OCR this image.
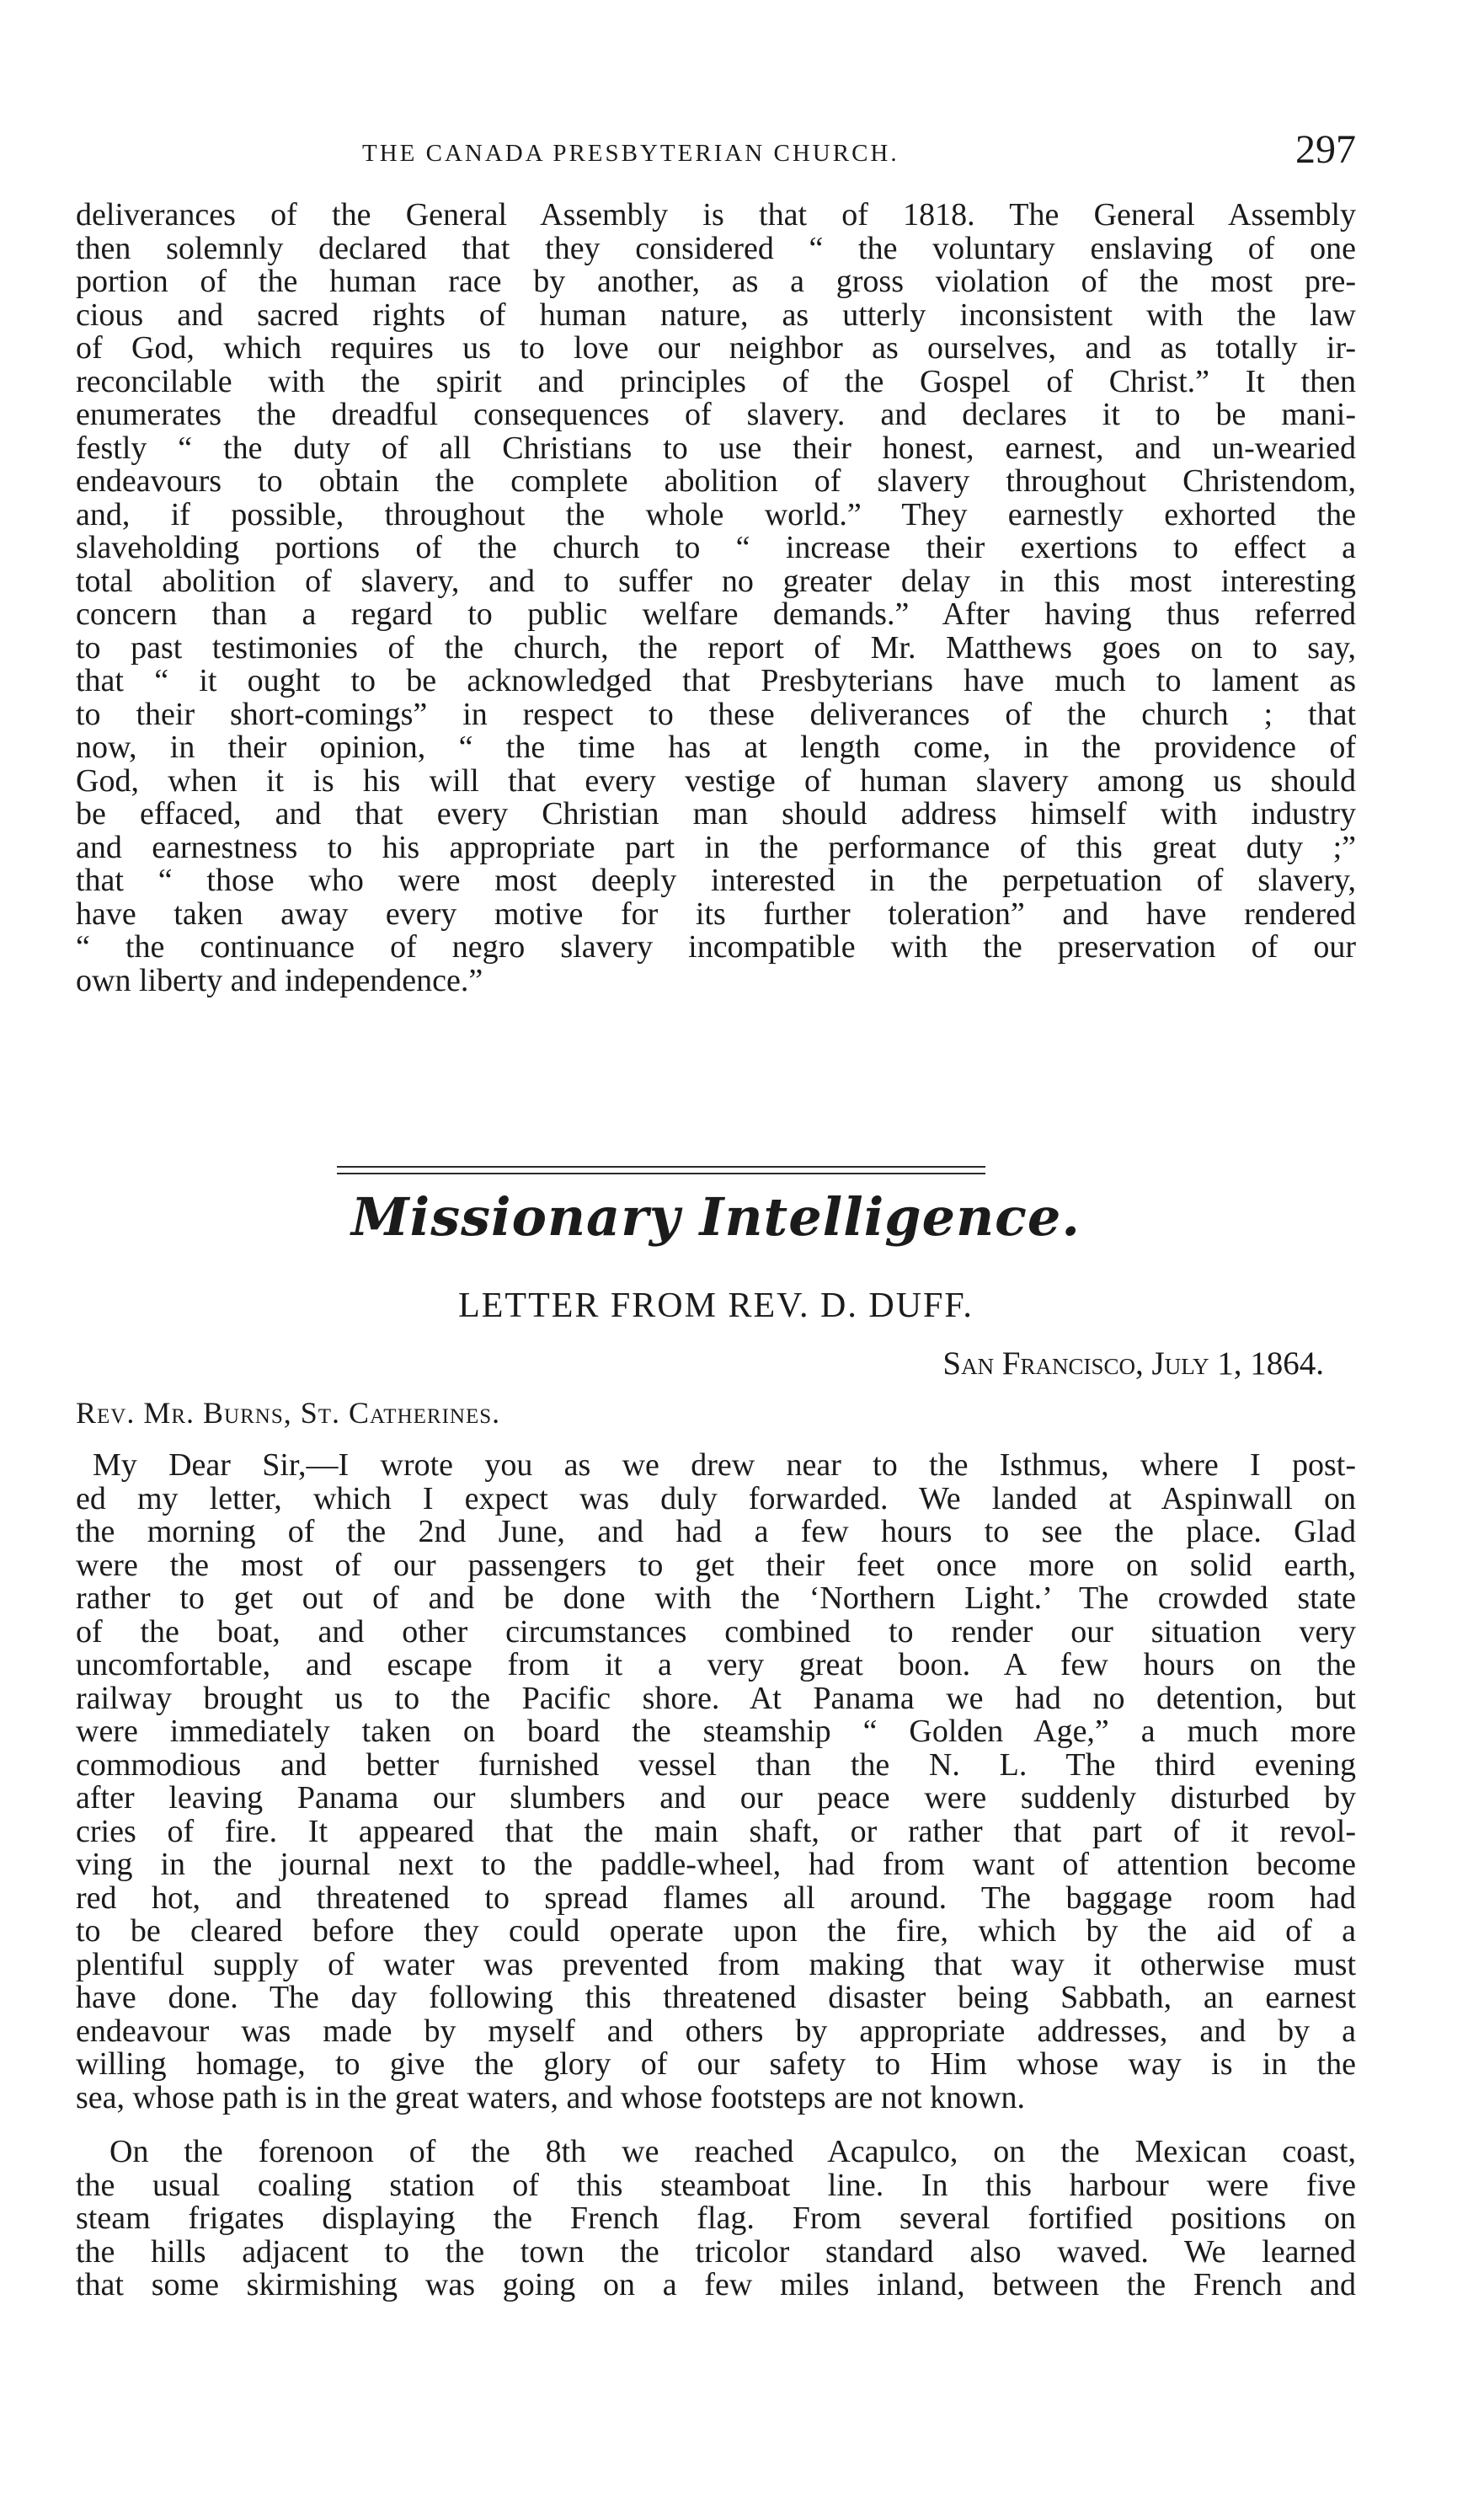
THE CANADA PRESBYTERIAN CHURCH.	297

deliverances of the General Assembly is that of 1818. The General Assembly
then solemnly declared that they considered “ the voluntary enslaving of one
portion of the human race by another, as a gross violation of the most pre-
cious and sacred rights of human nature, as utterly inconsistent with the law
of God, which requires us to love our neighbor as ourselves, and as totally ir-
reconcilable with the spirit and principles of the Gospel of Christ.” It then
enumerates the dreadful consequences of slavery. and declares it to be mani-
festly “ the duty of all Christians to use their honest, earnest, and un-wearied
endeavours to obtain the complete abolition of slavery throughout Christendom,
and, if possible, throughout the whole world.” They earnestly exhorted the
slaveholding portions of the church to “ increase their exertions to effect a
total abolition of slavery, and to suffer no greater delay in this most interesting
concern than a regard to public welfare demands.” After having thus referred
to past testimonies of the church, the report of Mr. Matthews goes on to say,
that “ it ought to be acknowledged that Presbyterians have much to lament as
to their short-comings” in respect to these deliverances of the church ; that
now, in their opinion, “ the time has at length come, in the providence of
God, when it is his will that every vestige of human slavery among us should
be effaced, and that every Christian man should address himself with industry
and earnestness to his appropriate part in the performance of this great duty ;”
that “ those who were most deeply interested in the perpetuation of slavery,
have taken away every motive for its further toleration” and have rendered
“ the continuance of negro slavery incompatible with the preservation of our
own liberty and independence.”

Missionary Intelligence.
LETTER FROM REV. D. DUFF.
San Francisco, July 1, 1864.
Rev. Mr. Burns, St. Catherines.

My Dear Sir,—I wrote you as we drew near to the Isthmus, where I post-
ed my letter, which I expect was duly forwarded. We landed at Aspinwall on
the morning of the 2nd June, and had a few hours to see the place. Glad
were the most of our passengers to get their feet once more on solid earth,
rather to get out of and be done with the ‘Northern Light.’ The crowded state
of the boat, and other circumstances combined to render our situation very
uncomfortable, and escape from it a very great boon. A few hours on the
railway brought us to the Pacific shore. At Panama we had no detention, but
were immediately taken on board the steamship “ Golden Age,” a much more
commodious and better furnished vessel than the N. L. The third evening
after leaving Panama our slumbers and our peace were suddenly disturbed by
cries of fire. It appeared that the main shaft, or rather that part of it revol-
ving in the journal next to the paddle-wheel, had from want of attention become
red hot, and threatened to spread flames all around. The baggage room had
to be cleared before they could operate upon the fire, which by the aid of a
plentiful supply of water was prevented from making that way it otherwise must
have done. The day following this threatened disaster being Sabbath, an earnest
endeavour was made by myself and others by appropriate addresses, and by a
willing homage, to give the glory of our safety to Him whose way is in the
sea, whose path is in the great waters, and whose footsteps are not known.

On the forenoon of the 8th we reached Acapulco, on the Mexican coast,
the usual coaling station of this steamboat line. In this harbour were five
steam frigates displaying the French flag. From several fortified positions on
the hills adjacent to the town the tricolor standard also waved. We learned
that some skirmishing was going on a few miles inland, between the French and
